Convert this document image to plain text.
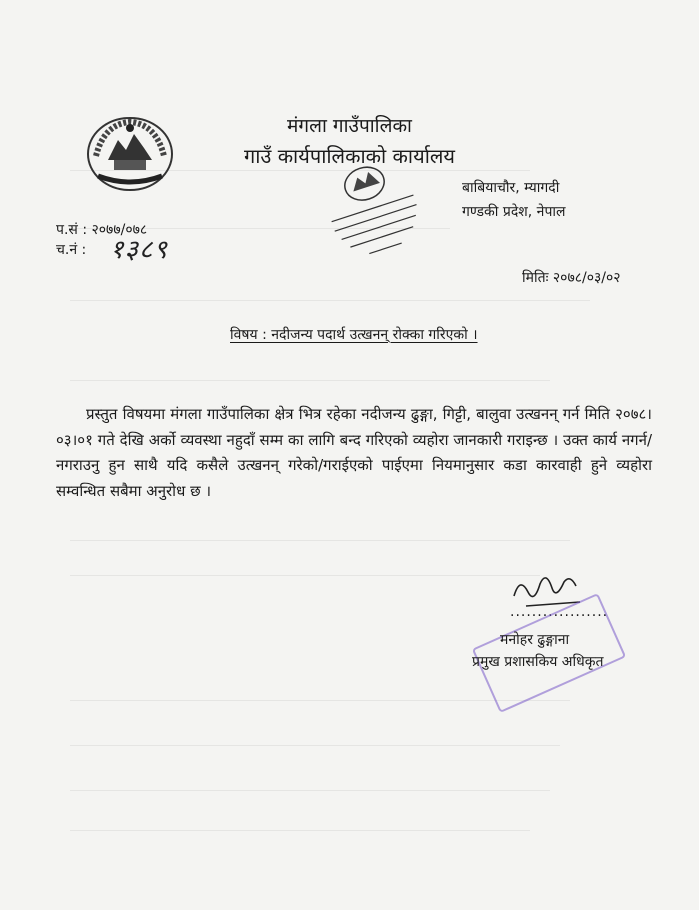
मंगला गाउँपालिका
गाउँ कार्यपालिकाको कार्यालय
बाबियाचौर, म्यागदी
गण्डकी प्रदेश, नेपाल
प.सं : २०७७/०७८
च.नं : १३८९
मितिः २०७८/०३/०२
विषय : नदीजन्य पदार्थ उत्खनन् रोक्का गरिएको ।
प्रस्तुत विषयमा मंगला गाउँपालिका क्षेत्र भित्र रहेका नदीजन्य ढुङ्गा, गिट्टी, बालुवा उत्खनन् गर्न मिति २०७८।०३।०१ गते देखि अर्को व्यवस्था नहुदाँ सम्म का लागि बन्द गरिएको व्यहोरा जानकारी गराइन्छ । उक्त कार्य नगर्न/नगराउनु हुन साथै यदि कसैले उत्खनन् गरेको/गराईएको पाईएमा नियमानुसार कडा कारवाही हुने व्यहोरा सम्वन्धित सबैमा अनुरोध छ ।
..................
मनोहर ढुङ्गाना
प्रमुख प्रशासकिय अधिकृत
